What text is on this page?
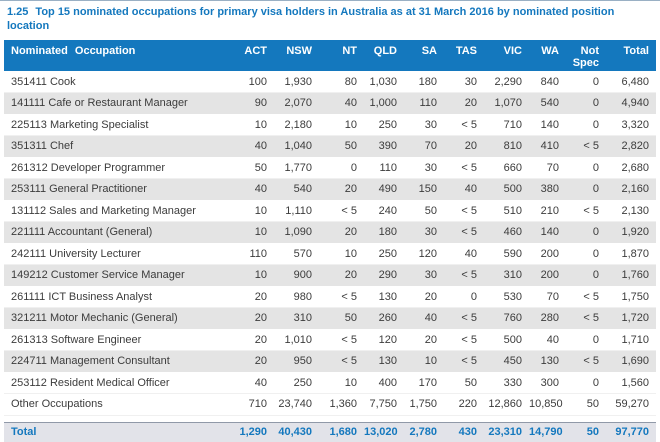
1.25 Top 15 nominated occupations for primary visa holders in Australia as at 31 March 2016 by nominated position
location
Nominated Occupation	ACT	NSW	NT	QLD	SA	TAS	VIC	WA	Not Spec	Total
351411 Cook	100	1,930	80	1,030	180	30	2,290	840	0	6,480
141111 Cafe or Restaurant Manager	90	2,070	40	1,000	110	20	1,070	540	0	4,940
225113 Marketing Specialist	10	2,180	10	250	30	< 5	710	140	0	3,320
351311 Chef	40	1,040	50	390	70	20	810	410	< 5	2,820
261312 Developer Programmer	50	1,770	0	110	30	< 5	660	70	0	2,680
253111 General Practitioner	40	540	20	490	150	40	500	380	0	2,160
131112 Sales and Marketing Manager	10	1,110	< 5	240	50	< 5	510	210	< 5	2,130
221111 Accountant (General)	10	1,090	20	180	30	< 5	460	140	0	1,920
242111 University Lecturer	110	570	10	250	120	40	590	200	0	1,870
149212 Customer Service Manager	10	900	20	290	30	< 5	310	200	0	1,760
261111 ICT Business Analyst	20	980	< 5	130	20	0	530	70	< 5	1,750
321211 Motor Mechanic (General)	20	310	50	260	40	< 5	760	280	< 5	1,720
261313 Software Engineer	20	1,010	< 5	120	20	< 5	500	40	0	1,710
224711 Management Consultant	20	950	< 5	130	10	< 5	450	130	< 5	1,690
253112 Resident Medical Officer	40	250	10	400	170	50	330	300	0	1,560
Other Occupations	710	23,740	1,360	7,750	1,750	220	12,860	10,850	50	59,270

Total	1,290	40,430	1,680	13,020	2,780	430	23,310	14,790	50	97,770
